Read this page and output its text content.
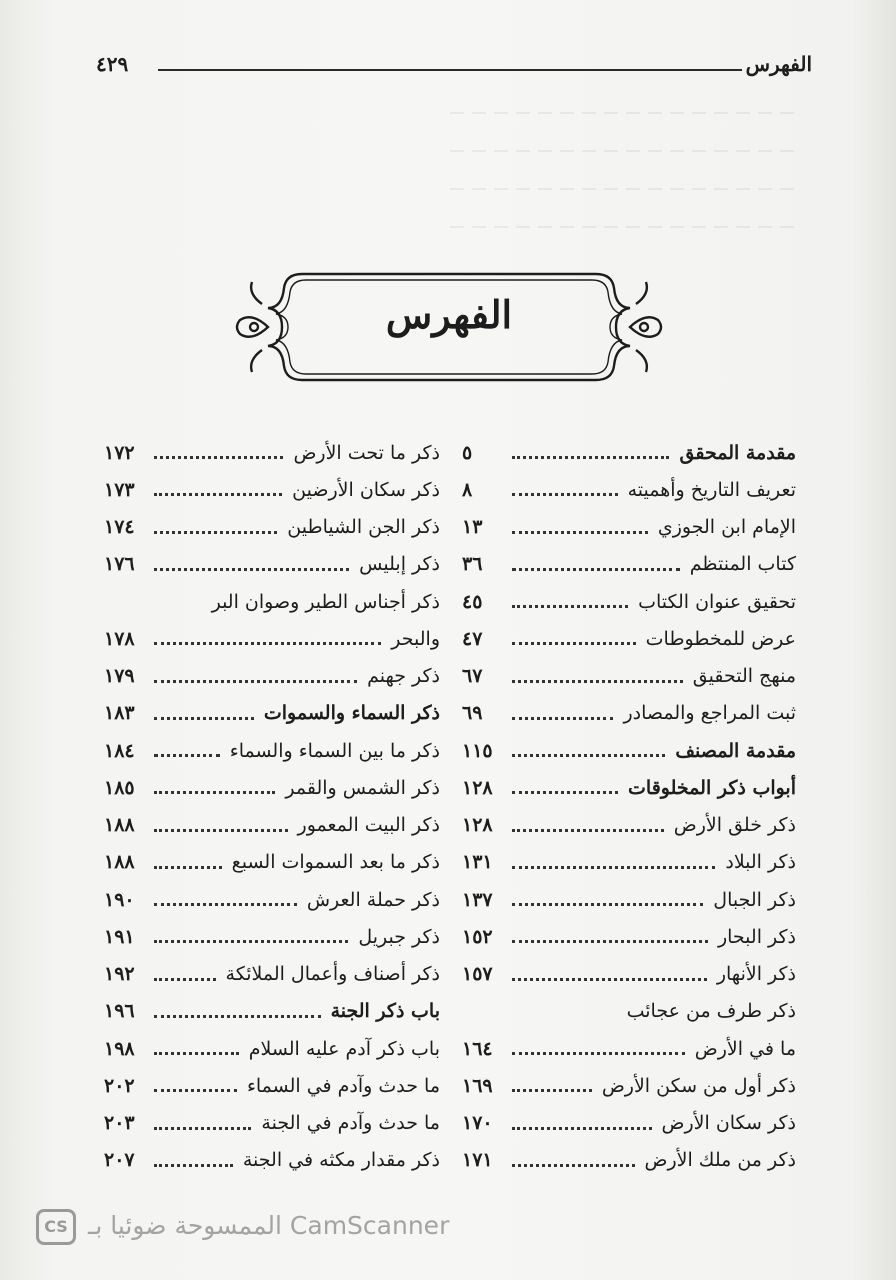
الفهرس
٤٢٩
الفهرس
مقدمة المحقق
٥
تعريف التاريخ وأهميته
٨
الإمام ابن الجوزي
١٣
كتاب المنتظم
٣٦
تحقيق عنوان الكتاب
٤٥
عرض للمخطوطات
٤٧
منهج التحقيق
٦٧
ثبت المراجع والمصادر
٦٩
مقدمة المصنف
١١٥
أبواب ذكر المخلوقات
١٢٨
ذكر خلق الأرض
١٢٨
ذكر البلاد
١٣١
ذكر الجبال
١٣٧
ذكر البحار
١٥٢
ذكر الأنهار
١٥٧
ذكر طرف من عجائب
ما في الأرض
١٦٤
ذكر أول من سكن الأرض
١٦٩
ذكر سكان الأرض
١٧٠
ذكر من ملك الأرض
١٧١
ذكر ما تحت الأرض
١٧٢
ذكر سكان الأرضين
١٧٣
ذكر الجن الشياطين
١٧٤
ذكر إبليس
١٧٦
ذكر أجناس الطير وصوان البر
والبحر
١٧٨
ذكر جهنم
١٧٩
ذكر السماء والسموات
١٨٣
ذكر ما بين السماء والسماء
١٨٤
ذكر الشمس والقمر
١٨٥
ذكر البيت المعمور
١٨٨
ذكر ما بعد السموات السبع
١٨٨
ذكر حملة العرش
١٩٠
ذكر جبريل
١٩١
ذكر أصناف وأعمال الملائكة
١٩٢
باب ذكر الجنة
١٩٦
باب ذكر آدم عليه السلام
١٩٨
ما حدث وآدم في السماء
٢٠٢
ما حدث وآدم في الجنة
٢٠٣
ذكر مقدار مكثه في الجنة
٢٠٧
CS الممسوحة ضوئيا بـ CamScanner
